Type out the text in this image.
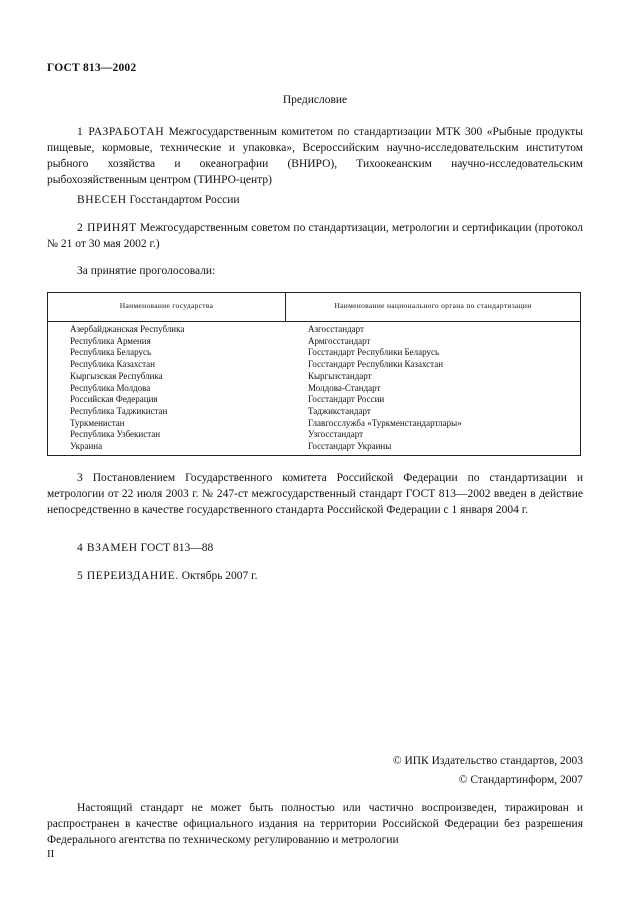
ГОСТ 813—2002
Предисловие
1 РАЗРАБОТАН Межгосударственным комитетом по стандартизации МТК 300 «Рыбные продукты пищевые, кормовые, технические и упаковка», Всероссийским научно-исследовательским институтом рыбного хозяйства и океанографии (ВНИРО), Тихоокеанским научно-исследовательским рыбохозяйственным центром (ТИНРО-центр)
ВНЕСЕН Госстандартом России
2 ПРИНЯТ Межгосударственным советом по стандартизации, метрологии и сертификации (протокол № 21 от 30 мая 2002 г.)
За принятие проголосовали:
Наименование государства	Наименование национального органа по стандартизации
Азербайджанская Республика
Республика Армения
Республика Беларусь
Республика Казахстан
Кыргызская Республика
Республика Молдова
Российская Федерация
Республика Таджикистан
Туркменистан
Республика Узбекистан
Украина
Азгосстандарт
Армгосстандарт
Госстандарт Республики Беларусь
Госстандарт Республики Казахстан
Кыргызстандарт
Молдова-Стандарт
Госстандарт России
Таджикстандарт
Главгосслужба «Туркменстандартлары»
Узгосстандарт
Госстандарт Украины
3 Постановлением Государственного комитета Российской Федерации по стандартизации и метрологии от 22 июля 2003 г. № 247-ст межгосударственный стандарт ГОСТ 813—2002 введен в действие непосредственно в качестве государственного стандарта Российской Федерации с 1 января 2004 г.
4 ВЗАМЕН ГОСТ 813—88
5 ПЕРЕИЗДАНИЕ. Октябрь 2007 г.
© ИПК Издательство стандартов, 2003
© Стандартинформ, 2007
Настоящий стандарт не может быть полностью или частично воспроизведен, тиражирован и распространен в качестве официального издания на территории Российской Федерации без разрешения Федерального агентства по техническому регулированию и метрологии
II
